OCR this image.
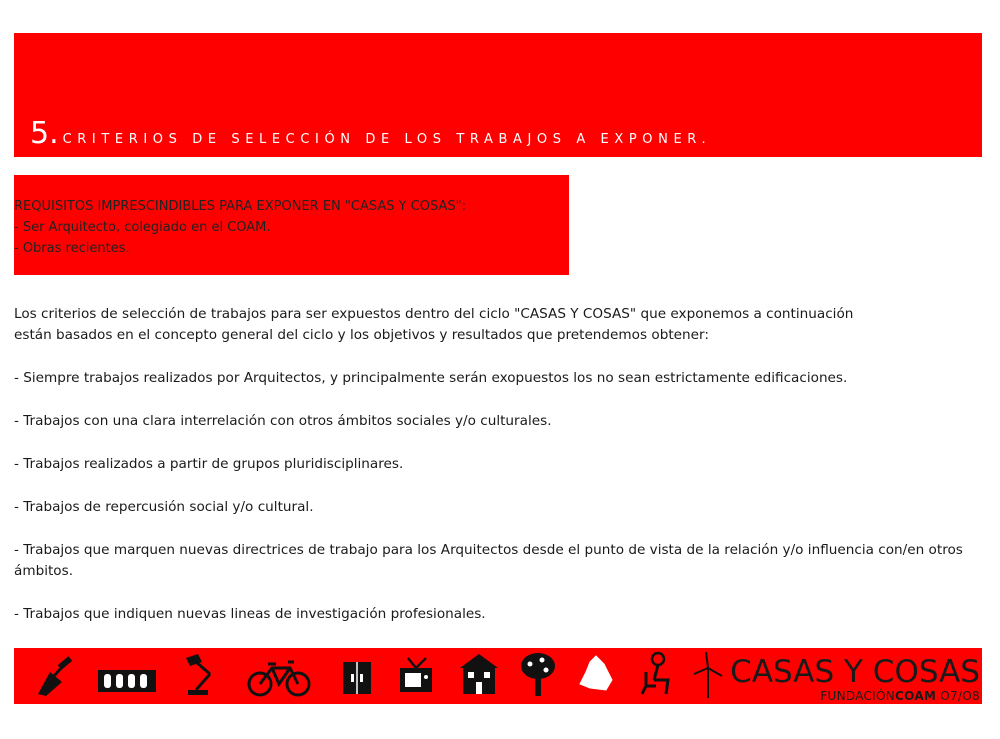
5. CRITERIOS DE SELECCIÓN DE LOS TRABAJOS A EXPONER.
REQUISITOS IMPRESCINDIBLES PARA EXPONER EN "CASAS Y COSAS":
- Ser Arquitecto, colegiado en el COAM.
- Obras recientes.

Los criterios de selección de trabajos para ser expuestos dentro del ciclo "CASAS Y COSAS" que exponemos a continuación

están basados en el concepto general del ciclo y los objetivos y resultados que pretendemos obtener:

- Siempre trabajos realizados por Arquitectos, y principalmente serán exopuestos los no sean estrictamente edificaciones.

- Trabajos con una clara interrelación con otros ámbitos sociales y/o culturales.

- Trabajos realizados a partir de grupos pluridisciplinares.

- Trabajos de repercusión social y/o cultural.

- Trabajos que marquen nuevas directrices de trabajo para los Arquitectos desde el punto de vista de la relación y/o influencia con/en otros ámbitos.

- Trabajos que indiquen nuevas lineas de investigación profesionales.

CASAS Y COSAS
FUNDACIÓNCOAM O7/O8
